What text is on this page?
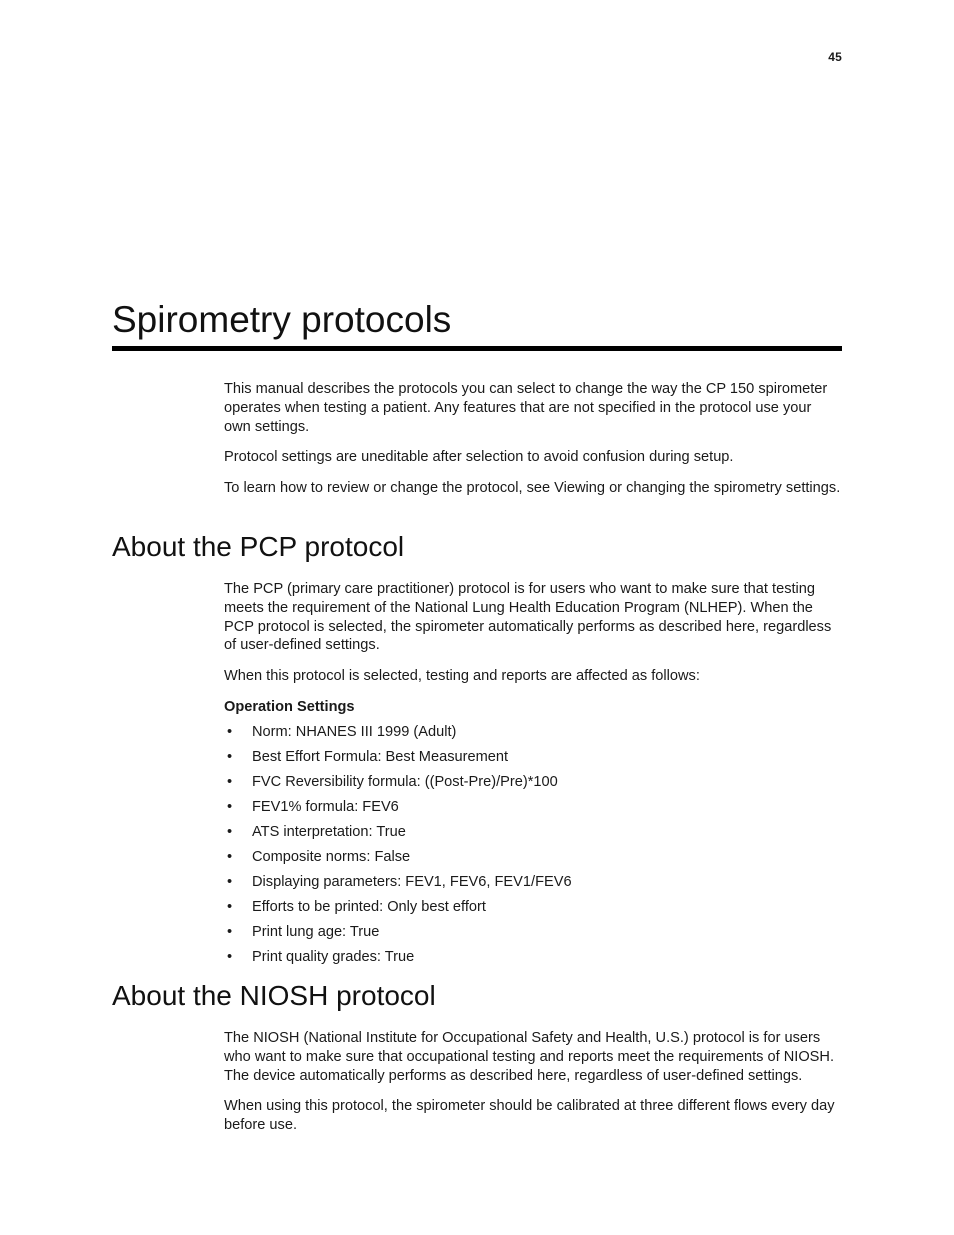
45
Spirometry protocols

This manual describes the protocols you can select to change the way the CP 150 spirometer operates when testing a patient. Any features that are not specified in the protocol use your own settings.

Protocol settings are uneditable after selection to avoid confusion during setup.

To learn how to review or change the protocol, see Viewing or changing the spirometry settings.

About the PCP protocol

The PCP (primary care practitioner) protocol is for users who want to make sure that testing meets the requirement of the National Lung Health Education Program (NLHEP). When the PCP protocol is selected, the spirometer automatically performs as described here, regardless of user-defined settings.

When this protocol is selected, testing and reports are affected as follows:

Operation Settings
• Norm: NHANES III 1999 (Adult)
• Best Effort Formula: Best Measurement
• FVC Reversibility formula: ((Post-Pre)/Pre)*100
• FEV1% formula: FEV6
• ATS interpretation: True
• Composite norms: False
• Displaying parameters: FEV1, FEV6, FEV1/FEV6
• Efforts to be printed: Only best effort
• Print lung age: True
• Print quality grades: True
About the NIOSH protocol

The NIOSH (National Institute for Occupational Safety and Health, U.S.) protocol is for users who want to make sure that occupational testing and reports meet the requirements of NIOSH. The device automatically performs as described here, regardless of user-defined settings.

When using this protocol, the spirometer should be calibrated at three different flows every day before use.
